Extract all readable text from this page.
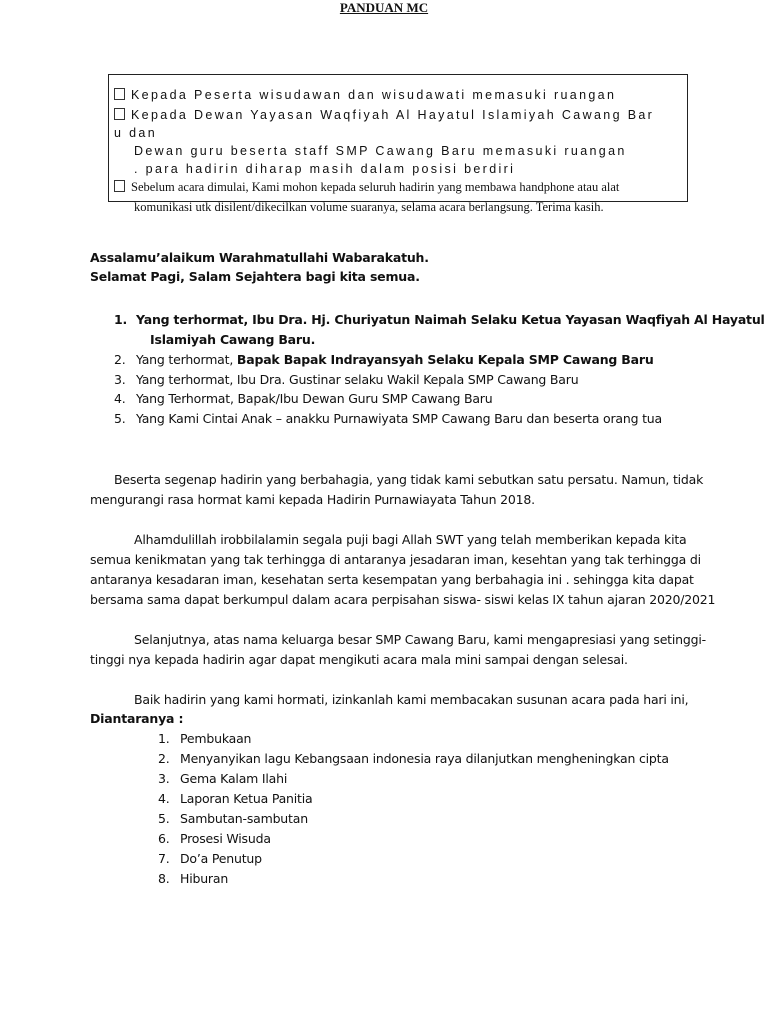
PANDUAN MC
Kepada Peserta wisudawan dan wisudawati memasuki ruangan
Kepada Dewan Yayasan Waqfiyah Al Hayatul Islamiyah Cawang Bar
u dan
Dewan guru beserta staff SMP Cawang Baru memasuki ruangan
. para hadirin diharap masih dalam posisi berdiri
Sebelum acara dimulai, Kami mohon kepada seluruh hadirin yang membawa handphone atau alat
komunikasi utk disilent/dikecilkan volume suaranya, selama acara berlangsung. Terima kasih.
Assalamu’alaikum Warahmatullahi Wabarakatuh.
Selamat Pagi, Salam Sejahtera bagi kita semua.
1. Yang terhormat, Ibu Dra. Hj. Churiyatun Naimah Selaku Ketua Yayasan Waqfiyah Al Hayatul
Islamiyah Cawang Baru.
2. Yang terhormat, Bapak Bapak Indrayansyah Selaku Kepala SMP Cawang Baru
3. Yang terhormat, Ibu Dra. Gustinar selaku Wakil Kepala SMP Cawang Baru
4. Yang Terhormat, Bapak/Ibu Dewan Guru SMP Cawang Baru
5. Yang Kami Cintai Anak – anakku Purnawiyata SMP Cawang Baru dan beserta orang tua
Beserta segenap hadirin yang berbahagia, yang tidak kami sebutkan satu persatu. Namun, tidak
mengurangi rasa hormat kami kepada Hadirin Purnawiayata Tahun 2018.
Alhamdulillah irobbilalamin segala puji bagi Allah SWT yang telah memberikan kepada kita
semua kenikmatan yang tak terhingga di antaranya jesadaran iman, kesehtan yang tak terhingga di
antaranya kesadaran iman, kesehatan serta kesempatan yang berbahagia ini . sehingga kita dapat
bersama sama dapat berkumpul dalam acara perpisahan siswa- siswi kelas IX tahun ajaran 2020/2021
Selanjutnya, atas nama keluarga besar SMP Cawang Baru, kami mengapresiasi yang setinggi-
tinggi nya kepada hadirin agar dapat mengikuti acara mala mini sampai dengan selesai.
Baik hadirin yang kami hormati, izinkanlah kami membacakan susunan acara pada hari ini,
Diantaranya :
1. Pembukaan
2. Menyanyikan lagu Kebangsaan indonesia raya dilanjutkan mengheningkan cipta
3. Gema Kalam Ilahi
4. Laporan Ketua Panitia
5. Sambutan-sambutan
6. Prosesi Wisuda
7. Do’a Penutup
8. Hiburan
